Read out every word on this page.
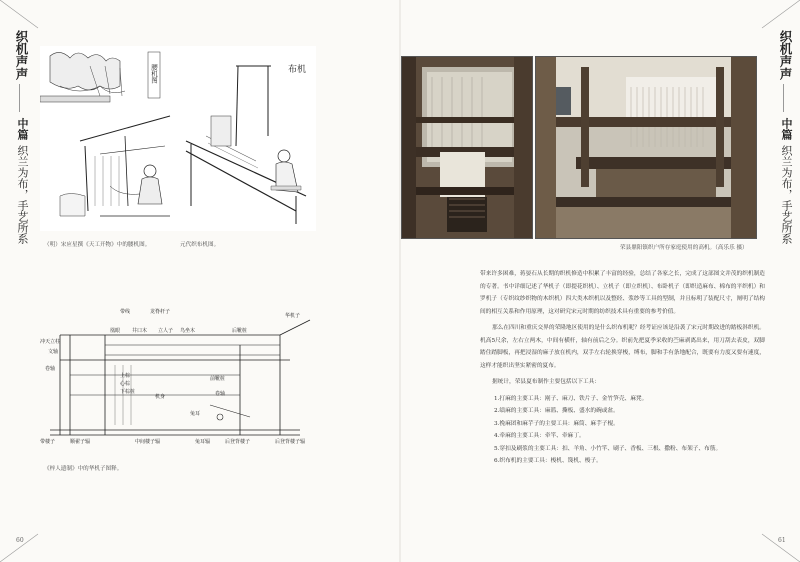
织机声声
中篇
织兰为布，手艺所系
腰机图
（明）宋应星撰《天工开物》中的腰机图。
布机
元代织布机图。
带线	龙脊杆子
华机子
冲天立柱
文轴
凰眼 井口木 立人子 鸟坐木	后靴桩
卷轴
上棕
心棕
下棕桩
机身
前靴桩
卷轴
兔耳
带楼子	顺翟子辐	中间楼子辐	兔耳辐	后登背楼子	后登背楼子辐
《梓人遗制》中的华机子图释。
60
织机声声
中篇
织兰为布，手艺所系
荣县鼎阳镇织户所存家庭使用的高机。（高乐乐 摄）
61

带来许多困难，蒋晏石从长期的织机修造中积累了丰富的经验，总结了各家之长，完成了这部图文并茂的织机制造的专著。书中详细记述了华机子（即提花织机）、立机子（即立织机）、布卧机子（即织造麻布、棉布的平织机）和罗机子（专织纹纱织物的木织机）四大类木织机以及整经、浆纱等工具的型制，并且标明了装配尺寸，阐明了结构间的相互关系和作用原理，这对研究宋元时期的纺织技术具有重要的参考价值。

那么在四川和重庆交界的荣隆地区使用的是什么织布机呢？经考证应该是沿袭了宋元时期改进的踏板斜织机。机高5尺余，左右立两木，中间有横杆，轴有前后之分。织前先把夏季采收的苎麻剥离出来，用刀刮去表皮，双脚踏住踏脚板，再把浸湿的麻子放在机内，双手左右轮换穿梭，缚布，脚和手有条地配合，既要有力度又要有速度，这样才能织出坚实紧密的夏布。

据统计，荣县夏布制作主要包括以下工具：

1.打麻的主要工具：剐子、麻刀、铁片子、金竹笋壳、麻凳。
2.绩麻的主要工具：麻篮、撕板、盛水的碗或盆。
3.挽麻团和麻芋子的主要工具：麻筒、麻芋子棍。
4.牵麻的主要工具：牵竿、牵麻丁。
5.穿扣及刷浆的主要工具：扣、羊角、小竹竿、刷子、香板、三根、撒粉、布架子、布筋。
6.织布机的主要工具：梭机、篾机、梭子。
